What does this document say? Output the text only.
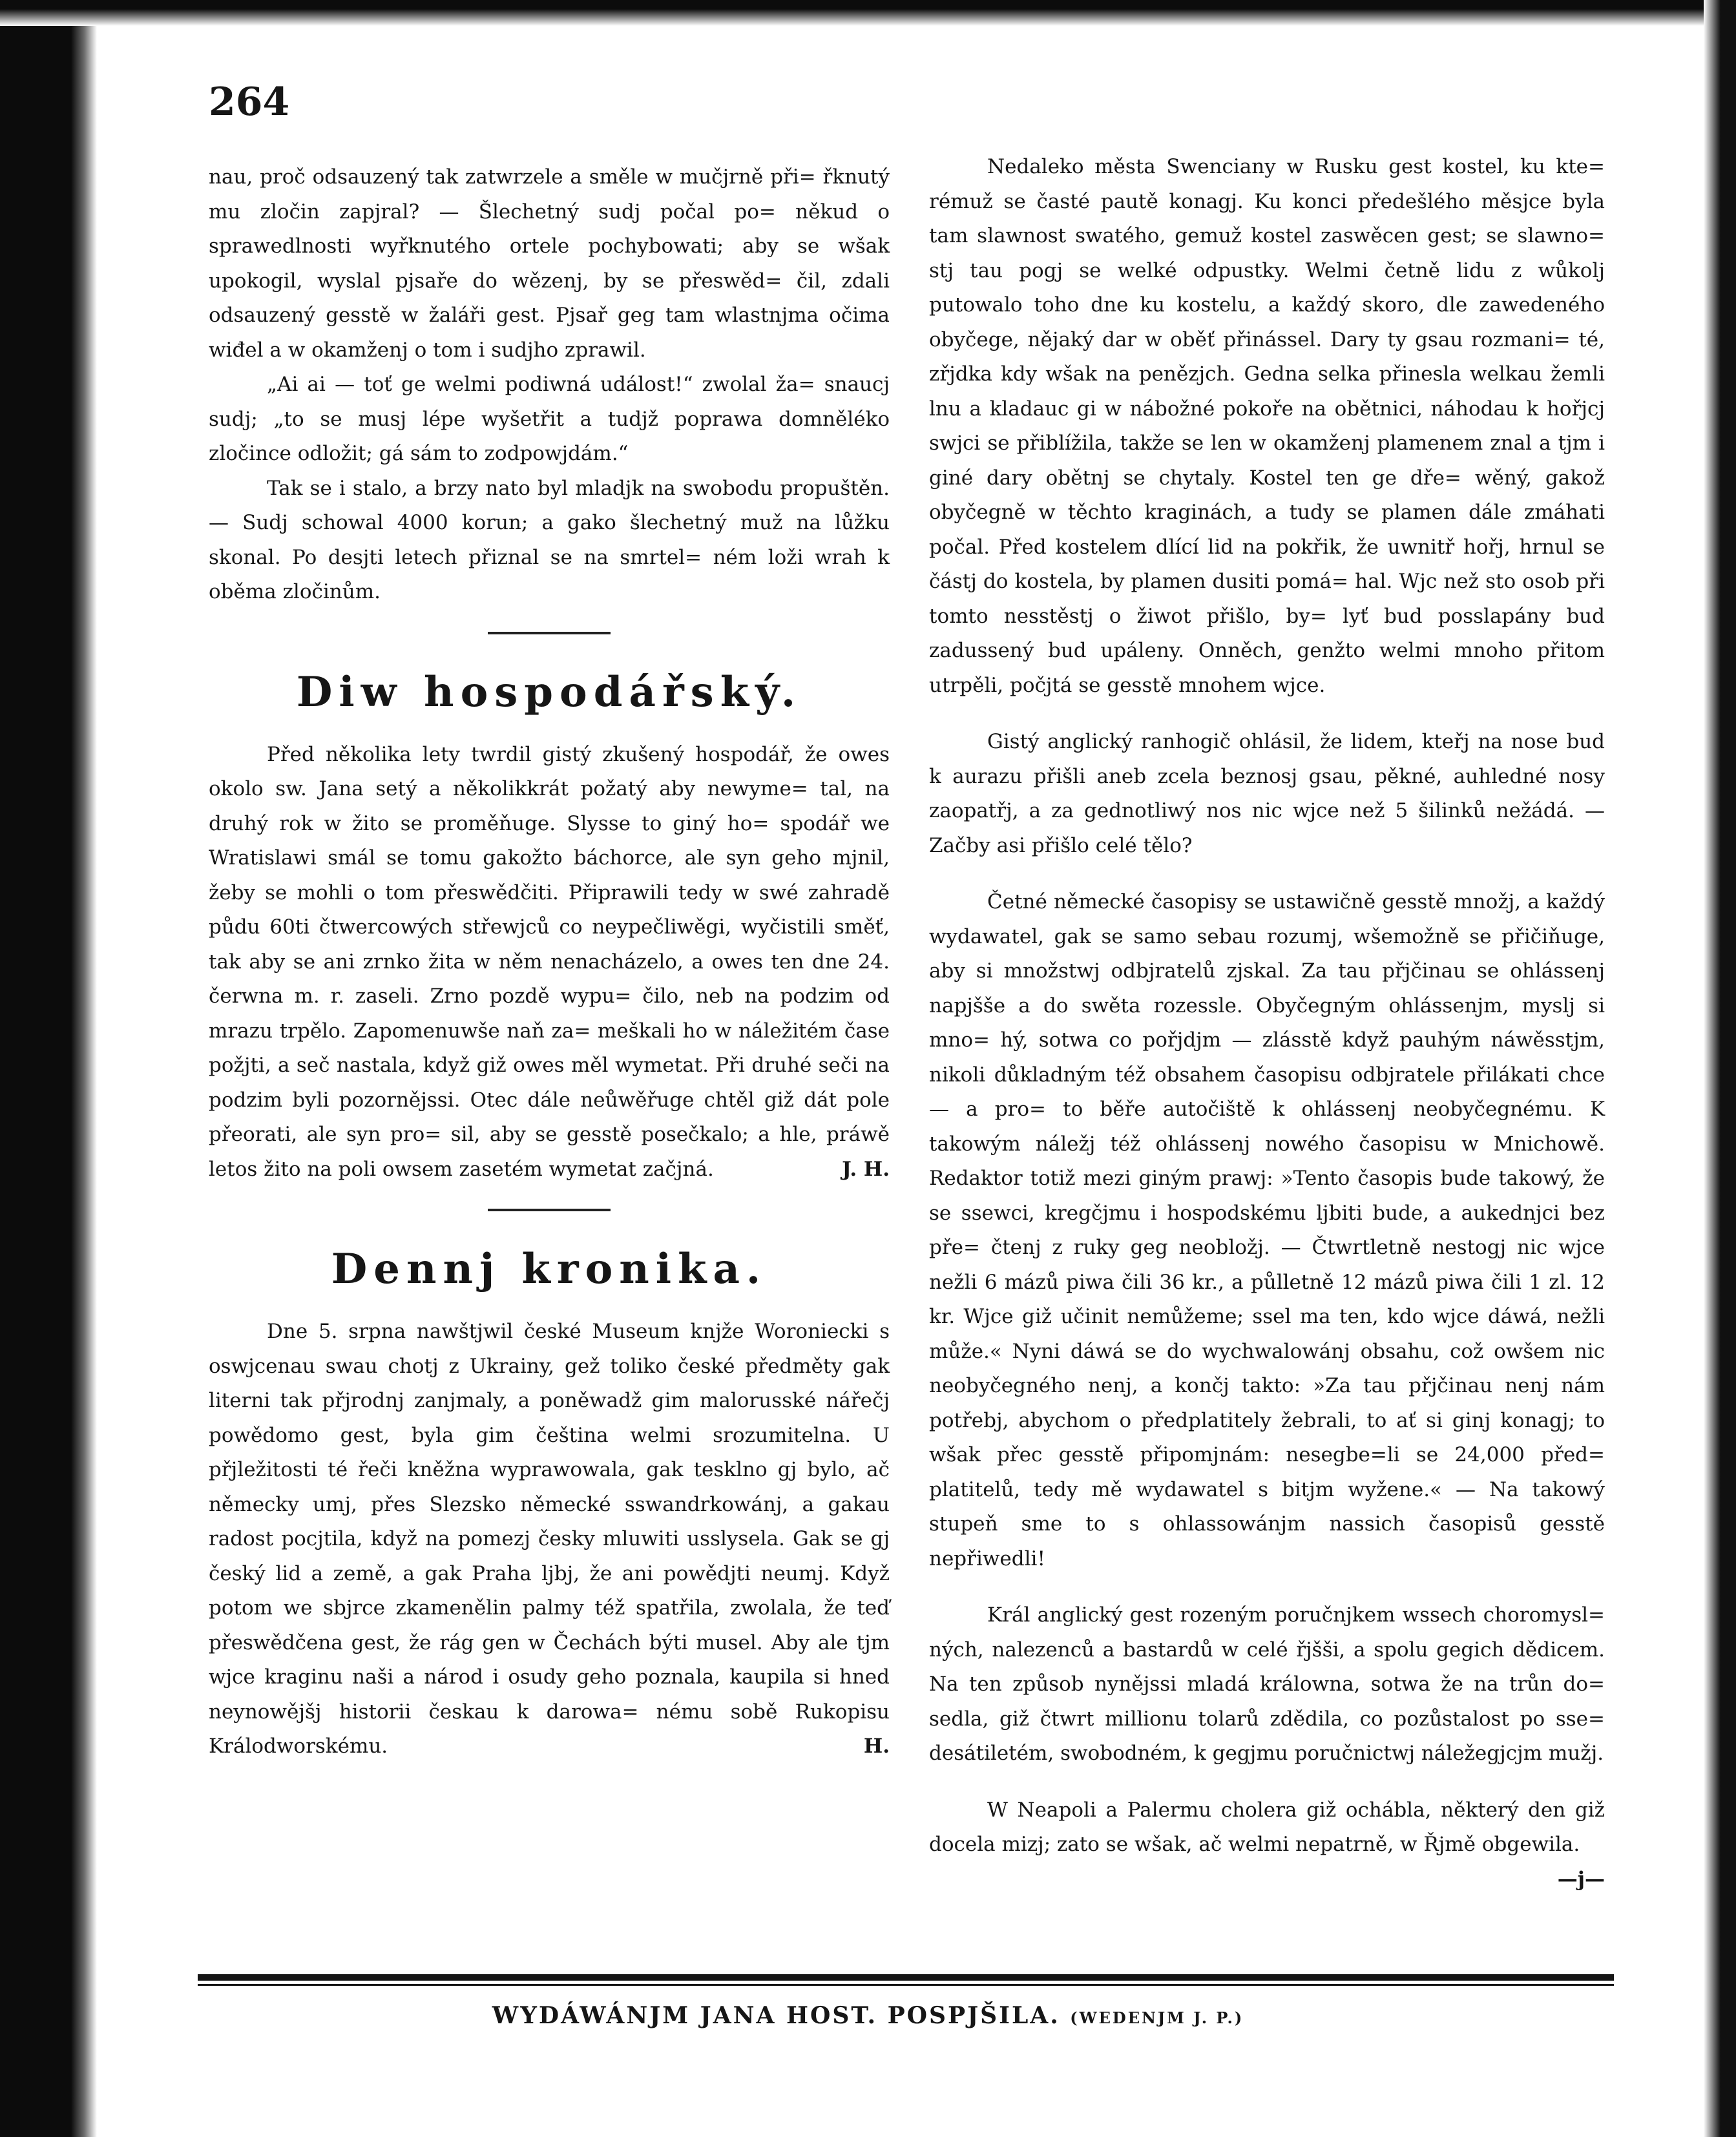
264

nau, proč odsauzený tak zatwrzele a směle w mučjrně při= řknutý mu zločin zapjral? — Šlechetný sudj počal po= někud o sprawedlnosti wyřknutého ortele pochybowati; aby se wšak upokogil, wyslal pjsaře do wězenj, by se přeswěd= čil, zdali odsauzený gesstě w žaláři gest. Pjsař geg tam wlastnjma očima wiđel a w okamženj o tom i sudjho zprawil.

„Ai ai — toť ge welmi podiwná událost!“ zwolal ža= snaucj sudj; „to se musj lépe wyšetřit a tudjž poprawa domněléko zločince odložit; gá sám to zodpowjdám.“

Tak se i stalo, a brzy nato byl mladjk na swobodu propuštěn. — Sudj schowal 4000 korun; a gako šlechetný muž na lůžku skonal. Po desjti letech přiznal se na smrtel= ném loži wrah k oběma zločinům.

Diw hospodářský.

Před několika lety twrdil gistý zkušený hospodář, že owes okolo sw. Jana setý a několikkrát požatý aby newyme= tal, na druhý rok w žito se proměňuge. Slysse to giný ho= spodář we Wratislawi smál se tomu gakožto báchorce, ale syn geho mjnil, žeby se mohli o tom přeswědčiti. Připrawili tedy w swé zahradě půdu 60ti čtwercowých střewjců co neypečliwěgi, wyčistili směť, tak aby se ani zrnko žita w něm nenacházelo, a owes ten dne 24. čerwna m. r. zaseli. Zrno pozdě wypu= čilo, neb na podzim od mrazu trpělo. Zapomenuwše naň za= meškali ho w náležitém čase požjti, a seč nastala, když giž owes měl wymetat. Při druhé seči na podzim byli pozornějssi. Otec dále neůwěřuge chtěl giž dát pole přeorati, ale syn pro= sil, aby se gesstě posečkalo; a hle, práwě letos žito na poli owsem zasetém wymetat začjná.	J. H.

Dennj kronika.

Dne 5. srpna nawštjwil české Museum knjže Woroniecki s oswjcenau swau chotj z Ukrainy, gež toliko české předměty gak literni tak přjrodnj zanjmaly, a poněwadž gim malorusské nářečj powědomo gest, byla gim čeština welmi srozumitelna. U přjležitosti té řeči kněžna wyprawowala, gak tesklno gj bylo, ač německy umj, přes Slezsko německé sswandrkowánj, a gakau radost pocjtila, když na pomezj česky mluwiti usslysela. Gak se gj český lid a země, a gak Praha ljbj, že ani powědjti neumj. Když potom we sbjrce zkamenělin palmy též spatřila, zwolala, že teď přeswědčena gest, že rág gen w Čechách býti musel. Aby ale tjm wjce kraginu naši a národ i osudy geho poznala, kaupila si hned neynowějšj historii českau k darowa= nému sobě Rukopisu Králodworskému.	H.

Nedaleko města Swenciany w Rusku gest kostel, ku kte= rémuž se časté pautě konagj. Ku konci předešlého měsjce byla tam slawnost swatého, gemuž kostel zaswěcen gest; se slawno= stj tau pogj se welké odpustky. Welmi četně lidu z wůkolj putowalo toho dne ku kostelu, a každý skoro, dle zawedeného obyčege, nějaký dar w oběť přinássel. Dary ty gsau rozmani= té, zřjdka kdy wšak na penězjch. Gedna selka přinesla welkau žemli lnu a kladauc gi w nábožné pokoře na obětnici, náhodau k hořjcj swjci se přiblížila, takže se len w okamženj plamenem znal a tjm i giné dary obětnj se chytaly. Kostel ten ge dře= wěný, gakož obyčegně w těchto kraginách, a tudy se plamen dále zmáhati počal. Před kostelem dlící lid na pokřik, že uwnitř hořj, hrnul se částj do kostela, by plamen dusiti pomá= hal. Wjc než sto osob při tomto nesstěstj o žiwot přišlo, by= lyť bud posslapány bud zadussený bud upáleny. Onněch, genžto welmi mnoho přitom utrpěli, počjtá se gesstě mnohem wjce.

Gistý anglický ranhogič ohlásil, že lidem, kteřj na nose bud k aurazu přišli aneb zcela beznosj gsau, pěkné, auhledné nosy zaopatřj, a za gednotliwý nos nic wjce než 5 šilinků nežádá. — Začby asi přišlo celé tělo?

Četné německé časopisy se ustawičně gesstě množj, a každý wydawatel, gak se samo sebau rozumj, wšemožně se přičiňuge, aby si množstwj odbjratelů zjskal. Za tau přjčinau se ohlássenj napjšše a do swěta rozessle. Obyčegným ohlássenjm, myslj si mno= hý, sotwa co pořjdjm — zlásstě když pauhým náwěsstjm, nikoli důkladným též obsahem časopisu odbjratele přilákati chce — a pro= to běře autočiště k ohlássenj neobyčegnému. K takowým náležj též ohlássenj nowého časopisu w Mnichowě. Redaktor totiž mezi giným prawj: »Tento časopis bude takowý, že se ssewci, kregčjmu i hospodskému ljbiti bude, a aukednjci bez pře= čtenj z ruky geg neobložj. — Čtwrtletně nestogj nic wjce nežli 6 mázů piwa čili 36 kr., a půlletně 12 mázů piwa čili 1 zl. 12 kr. Wjce giž učinit nemůžeme; ssel ma ten, kdo wjce dáwá, nežli může.« Nyni dáwá se do wychwalowánj obsahu, což owšem nic neobyčegného nenj, a končj takto: »Za tau přjčinau nenj nám potřebj, abychom o předplatitely žebrali, to ať si ginj konagj; to wšak přec gesstě připomjnám: nesegbe=li se 24,000 před= platitelů, tedy mě wydawatel s bitjm wyžene.« — Na takowý stupeň sme to s ohlassowánjm nassich časopisů gesstě nepřiwedli!

Král anglický gest rozeným poručnjkem wssech choromysl= ných, nalezenců a bastardů w celé řjšši, a spolu gegich dědicem. Na ten způsob nynějssi mladá králowna, sotwa že na trůn do= sedla, giž čtwrt millionu tolarů zdědila, co pozůstalost po sse= desátiletém, swobodném, k gegjmu poručnictwj náležegjcjm mužj.

W Neapoli a Palermu cholera giž ochábla, některý den giž docela mizj; zato se wšak, ač welmi nepatrně, w Řjmě obgewila.
—j—

WYDÁWÁNJM JANA HOST. POSPJŠILA. (WEDENJM J. P.)
